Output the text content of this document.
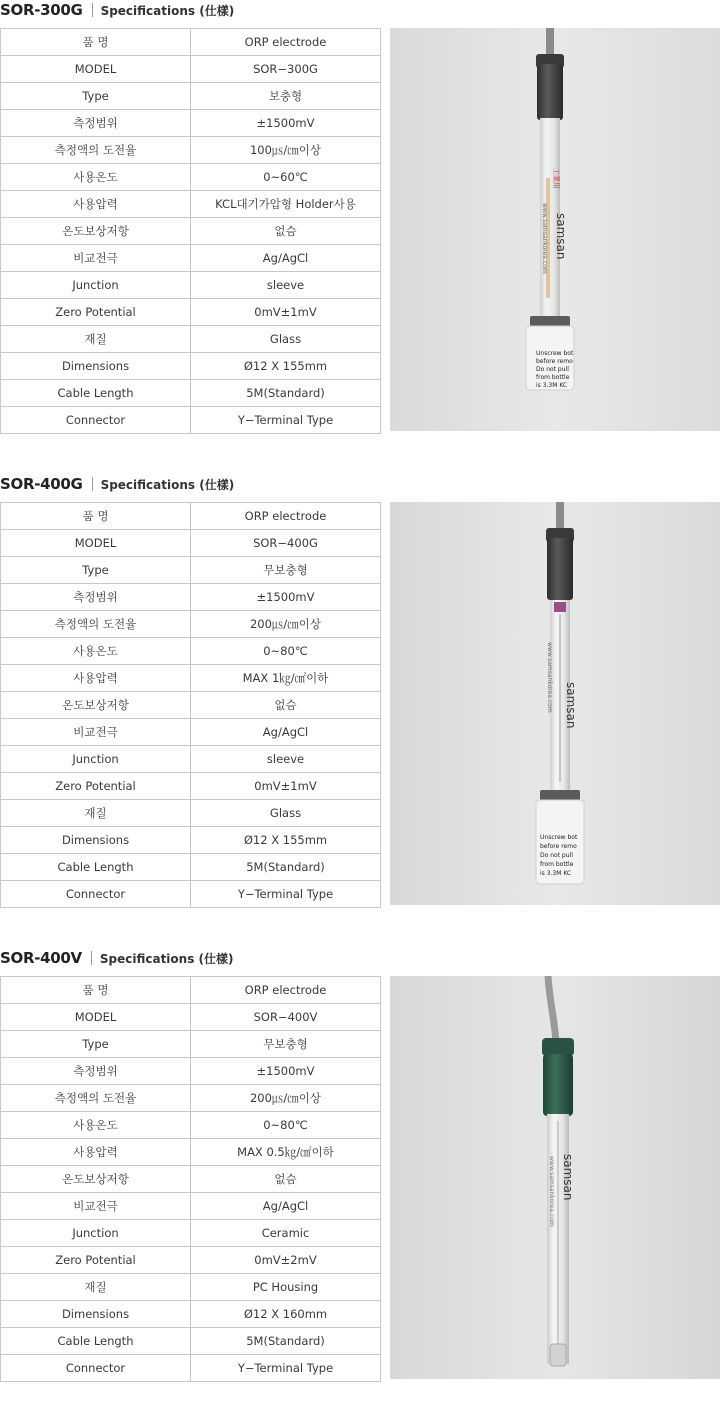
SOR-300G Specifications (仕樣)
품 명	ORP electrode
MODEL	SOR−300G
Type	보충형
측정범위	±1500mV
측정액의 도전율	100㎲/㎝이상
사용온도	0~60℃
사용압력	KCL대기가압형 Holder사용
온도보상저항	없슴
비교전극	Ag/AgCl
Junction	sleeve
Zero Potential	0mV±1mV
재질	Glass
Dimensions	Ø12 X 155mm
Cable Length	5M(Standard)
Connector	Y−Terminal Type
工業用
samsan
www.samsankorea.com
Unscrew bot
before remo
Do not pull
from bottle
is 3.3M KC
SOR-400G Specifications (仕樣)
품 명	ORP electrode
MODEL	SOR−400G
Type	무보충형
측정범위	±1500mV
측정액의 도전율	200㎲/㎝이상
사용온도	0~80℃
사용압력	MAX 1㎏/㎠이하
온도보상저항	없슴
비교전극	Ag/AgCl
Junction	sleeve
Zero Potential	0mV±1mV
재질	Glass
Dimensions	Ø12 X 155mm
Cable Length	5M(Standard)
Connector	Y−Terminal Type
samsan
www.samsankorea.com
Unscrew bot
before remo
Do not pull
from bottle
is 3.3M KC
SOR-400V Specifications (仕樣)
품 명	ORP electrode
MODEL	SOR−400V
Type	무보충형
측정범위	±1500mV
측정액의 도전율	200㎲/㎝이상
사용온도	0~80℃
사용압력	MAX 0.5㎏/㎠이하
온도보상저항	없슴
비교전극	Ag/AgCl
Junction	Ceramic
Zero Potential	0mV±2mV
재질	PC Housing
Dimensions	Ø12 X 160mm
Cable Length	5M(Standard)
Connector	Y−Terminal Type
samsan
www.samsankorea.com
